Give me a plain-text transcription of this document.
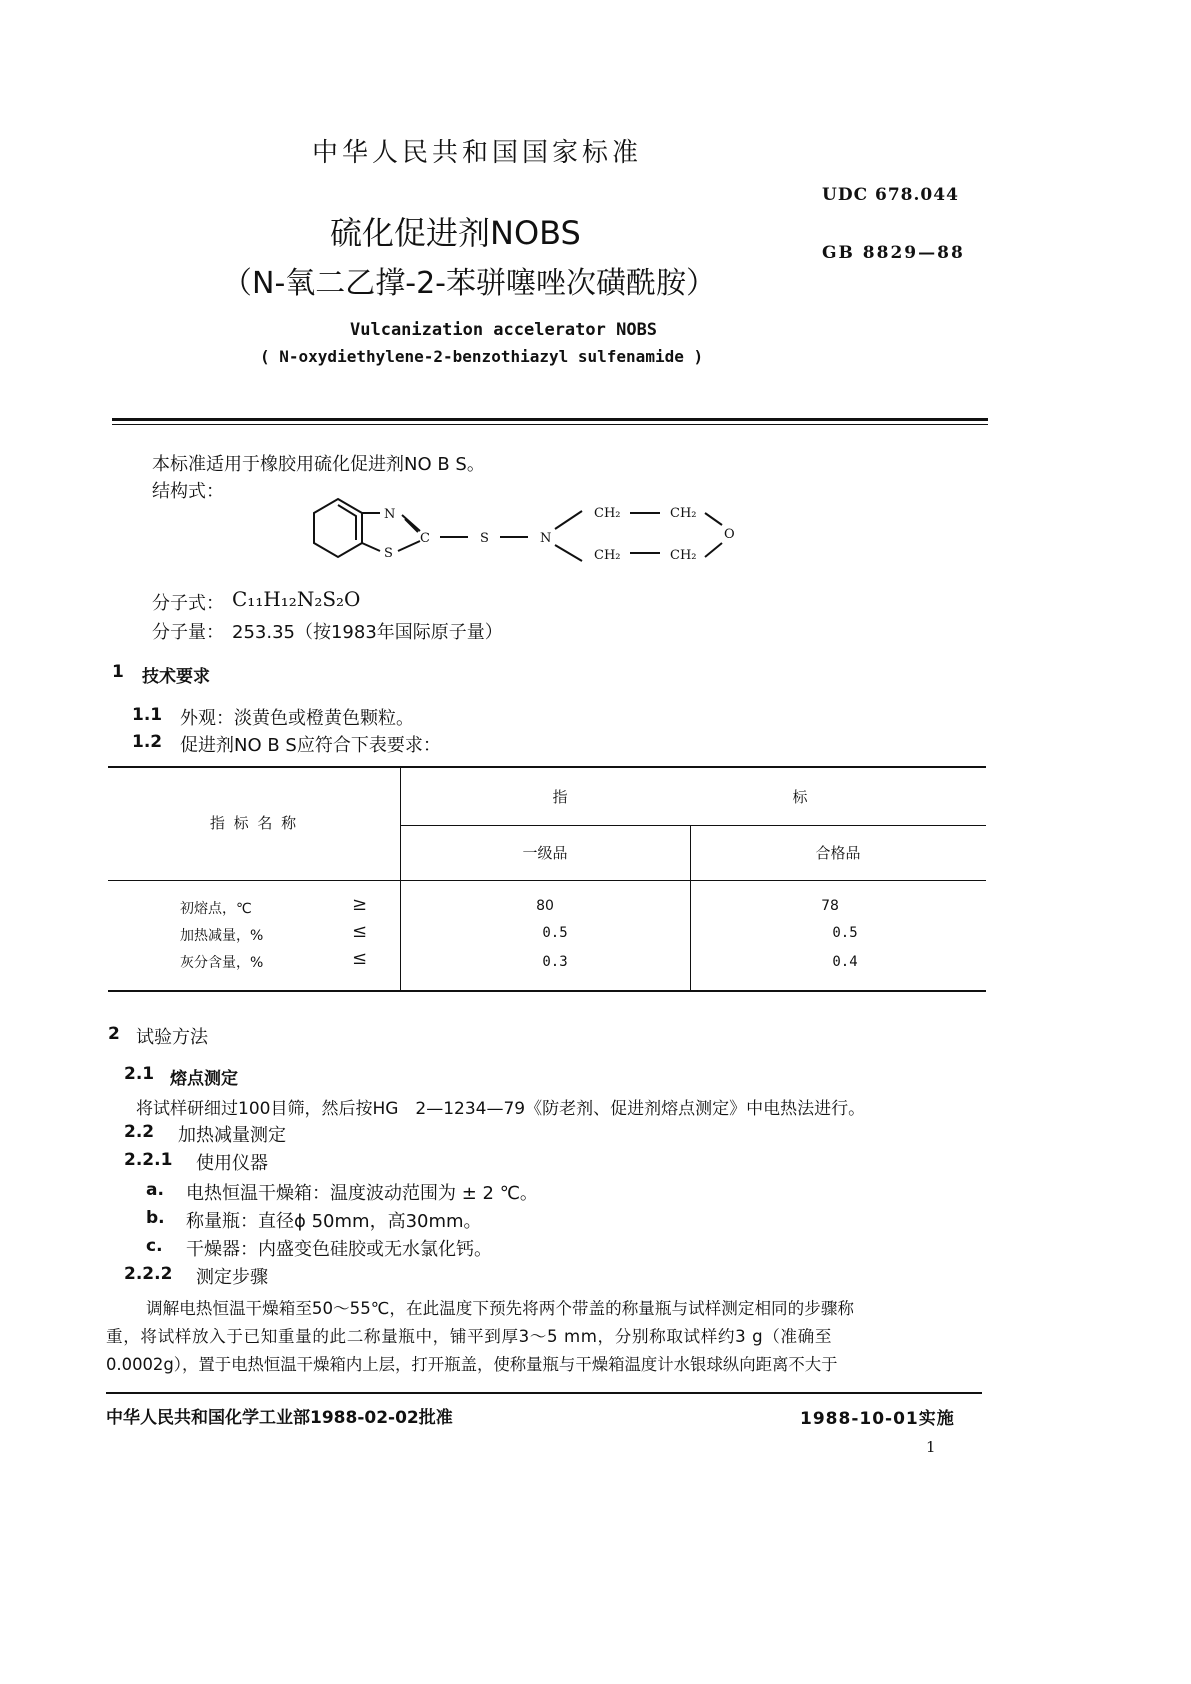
中华人民共和国国家标准
UDC 678.044
GB 8829—88
硫化促进剂NOBS
（N-氧二乙撑-2-苯骈噻唑次磺酰胺）
Vulcanization accelerator NOBS
( N-oxydiethylene-2-benzothiazyl sulfenamide )
本标准适用于橡胶用硫化促进剂NO B S。
结构式：
N
S
C	S	N
CH₂	CH₂
CH₂	CH₂
O
分子式： C₁₁H₁₂N₂S₂O
分子量： 253.35（按1983年国际原子量）
1 技术要求
1.1 外观：淡黄色或橙黄色颗粒。
1.2 促进剂NO B S应符合下表要求：
指 标 名 称
指	标
一级品	合格品
初熔点，℃	≥	80	78
加热减量，%	≤	0.5	0.5
灰分含量，%	≤	0.3	0.4
2 试验方法
2.1 熔点测定
将试样研细过100目筛，然后按HG　2—1234—79《防老剂、促进剂熔点测定》中电热法进行。
2.2 加热减量测定
2.2.1 使用仪器
a. 电热恒温干燥箱：温度波动范围为 ± 2 ℃。
b. 称量瓶：直径ϕ 50mm，高30mm。
c. 干燥器：内盛变色硅胶或无水氯化钙。
2.2.2 测定步骤
调解电热恒温干燥箱至50～55℃，在此温度下预先将两个带盖的称量瓶与试样测定相同的步骤称
重，将试样放入于已知重量的此二称量瓶中，铺平到厚3～5 mm，分别称取试样约3 g（准确至
0.0002g），置于电热恒温干燥箱内上层，打开瓶盖，使称量瓶与干燥箱温度计水银球纵向距离不大于
中华人民共和国化学工业部1988-02-02批准	1988-10-01实施
1
